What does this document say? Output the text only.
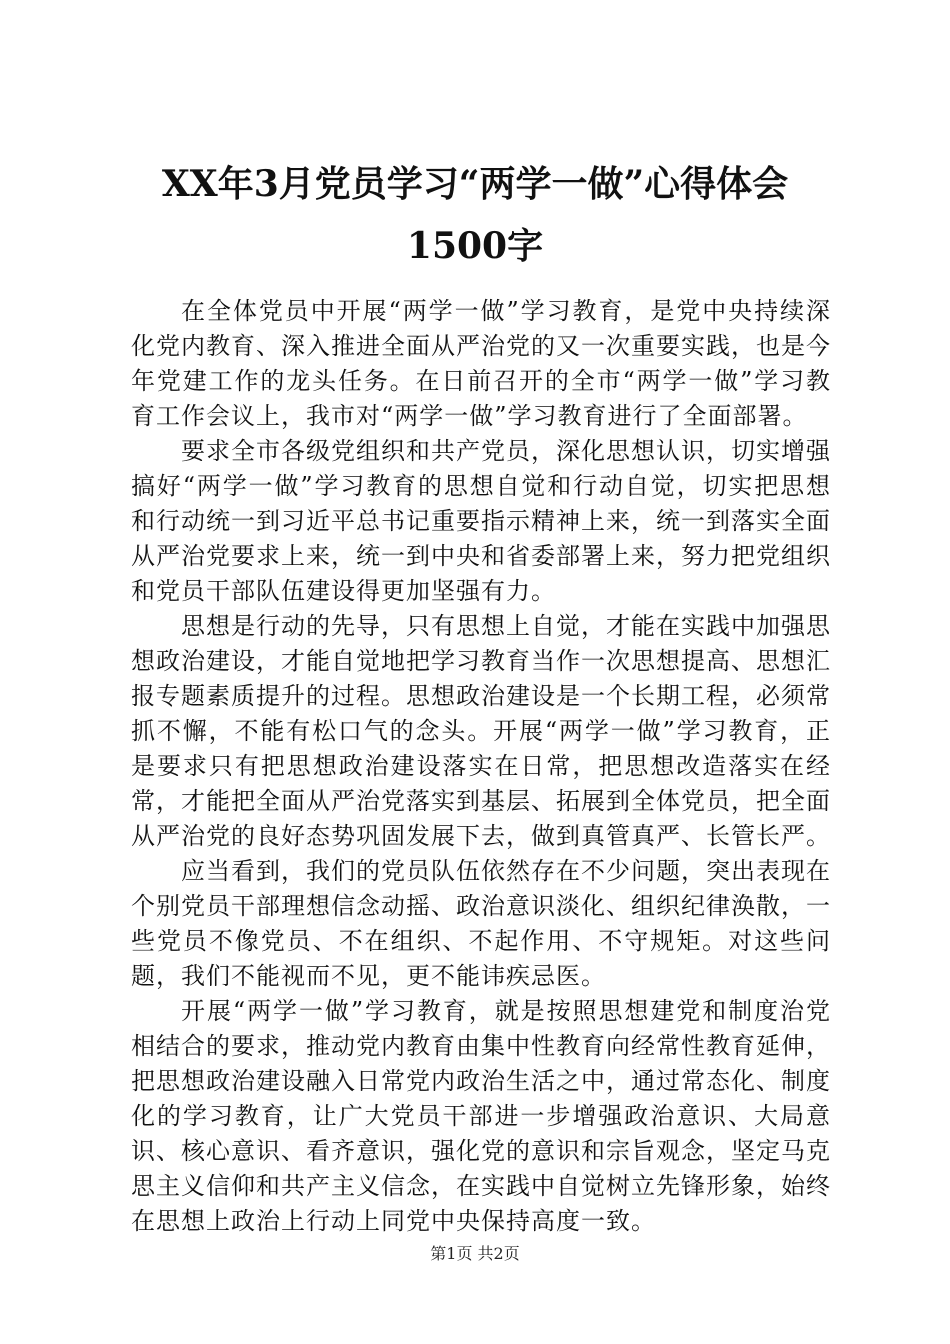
XX年3月党员学习“两学一做”心得体会
1500字

在全体党员中开展“两学一做”学习教育，是党中央持续深化党内教育、深入推进全面从严治党的又一次重要实践，也是今年党建工作的龙头任务。在日前召开的全市“两学一做”学习教育工作会议上，我市对“两学一做”学习教育进行了全面部署。

要求全市各级党组织和共产党员，深化思想认识，切实增强搞好“两学一做”学习教育的思想自觉和行动自觉，切实把思想和行动统一到习近平总书记重要指示精神上来，统一到落实全面从严治党要求上来，统一到中央和省委部署上来，努力把党组织和党员干部队伍建设得更加坚强有力。

思想是行动的先导，只有思想上自觉，才能在实践中加强思想政治建设，才能自觉地把学习教育当作一次思想提高、思想汇报专题素质提升的过程。思想政治建设是一个长期工程，必须常抓不懈，不能有松口气的念头。开展“两学一做”学习教育，正是要求只有把思想政治建设落实在日常，把思想改造落实在经常，才能把全面从严治党落实到基层、拓展到全体党员，把全面从严治党的良好态势巩固发展下去，做到真管真严、长管长严。

应当看到，我们的党员队伍依然存在不少问题，突出表现在个别党员干部理想信念动摇、政治意识淡化、组织纪律涣散，一些党员不像党员、不在组织、不起作用、不守规矩。对这些问题，我们不能视而不见，更不能讳疾忌医。

开展“两学一做”学习教育，就是按照思想建党和制度治党相结合的要求，推动党内教育由集中性教育向经常性教育延伸，把思想政治建设融入日常党内政治生活之中，通过常态化、制度化的学习教育，让广大党员干部进一步增强政治意识、大局意识、核心意识、看齐意识，强化党的意识和宗旨观念，坚定马克思主义信仰和共产主义信念，在实践中自觉树立先锋形象，始终在思想上政治上行动上同党中央保持高度一致。

第1页 共2页
